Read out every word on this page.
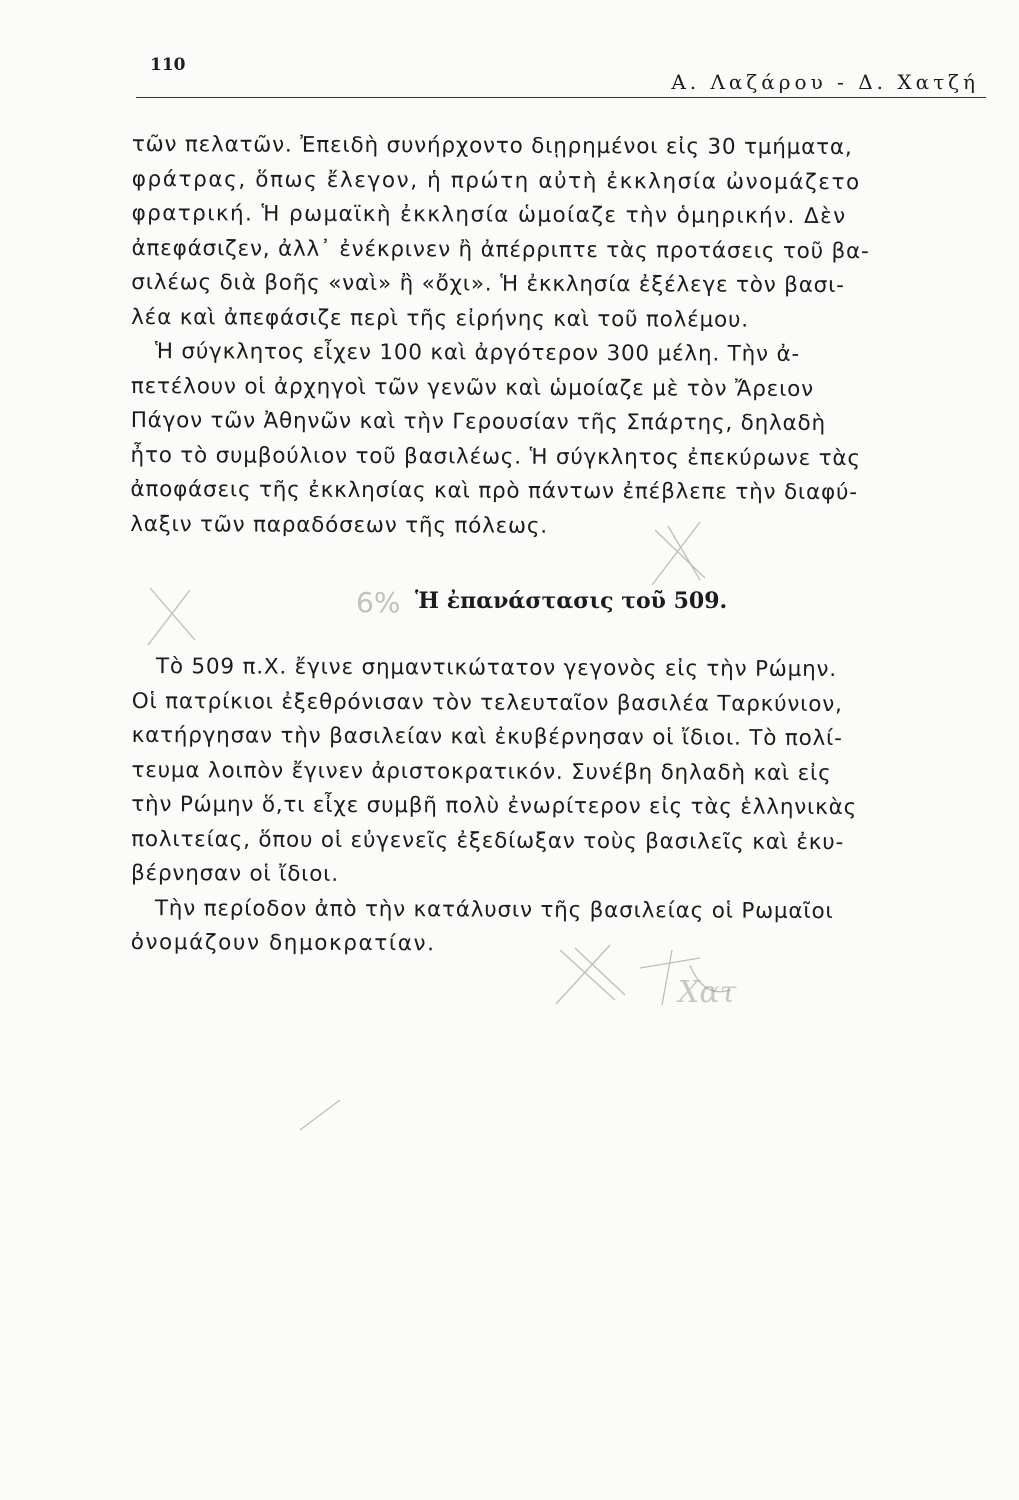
110
Α. Λαζάρου - Δ. Χατζή

τῶν πελατῶν. Ἐπειδὴ συνήρχοντο διῃρημένοι εἰς 30 τμήματα,
φράτρας, ὅπως ἔλεγον, ἡ πρώτη αὐτὴ ἐκκλησία ὠνομάζετο
φρατρική. Ἡ ρωμαϊκὴ ἐκκλησία ὡμοίαζε τὴν ὁμηρικήν. Δὲν
ἀπεφάσιζεν, ἀλλ᾽ ἐνέκρινεν ἢ ἀπέρριπτε τὰς προτάσεις τοῦ βα-
σιλέως διὰ βοῆς «ναὶ» ἢ «ὄχι». Ἡ ἐκκλησία ἐξέλεγε τὸν βασι-
λέα καὶ ἀπεφάσιζε περὶ τῆς εἰρήνης καὶ τοῦ πολέμου.

Ἡ σύγκλητος εἶχεν 100 καὶ ἀργότερον 300 μέλη. Τὴν ἀ-
πετέλουν οἱ ἀρχηγοὶ τῶν γενῶν καὶ ὡμοίαζε μὲ τὸν Ἄρειον
Πάγον τῶν Ἀθηνῶν καὶ τὴν Γερουσίαν τῆς Σπάρτης, δηλαδὴ
ἦτο τὸ συμβούλιον τοῦ βασιλέως. Ἡ σύγκλητος ἐπεκύρωνε τὰς
ἀποφάσεις τῆς ἐκκλησίας καὶ πρὸ πάντων ἐπέβλεπε τὴν διαφύ-
λαξιν τῶν παραδόσεων τῆς πόλεως.

Ἡ ἐπανάστασις τοῦ 509.

Τὸ 509 π.Χ. ἔγινε σημαντικώτατον γεγονὸς εἰς τὴν Ρώμην.
Οἱ πατρίκιοι ἐξεθρόνισαν τὸν τελευταῖον βασιλέα Ταρκύνιον,
κατήργησαν τὴν βασιλείαν καὶ ἐκυβέρνησαν οἱ ἴδιοι. Τὸ πολί-
τευμα λοιπὸν ἔγινεν ἀριστοκρατικόν. Συνέβη δηλαδὴ καὶ εἰς
τὴν Ρώμην ὅ,τι εἶχε συμβῆ πολὺ ἐνωρίτερον εἰς τὰς ἑλληνικὰς
πολιτείας, ὅπου οἱ εὐγενεῖς ἐξεδίωξαν τοὺς βασιλεῖς καὶ ἐκυ-
βέρνησαν οἱ ἴδιοι.

Τὴν περίοδον ἀπὸ τὴν κατάλυσιν τῆς βασιλείας οἱ Ρωμαῖοι
ὀνομάζουν δημοκρατίαν.

6%
Χατ
